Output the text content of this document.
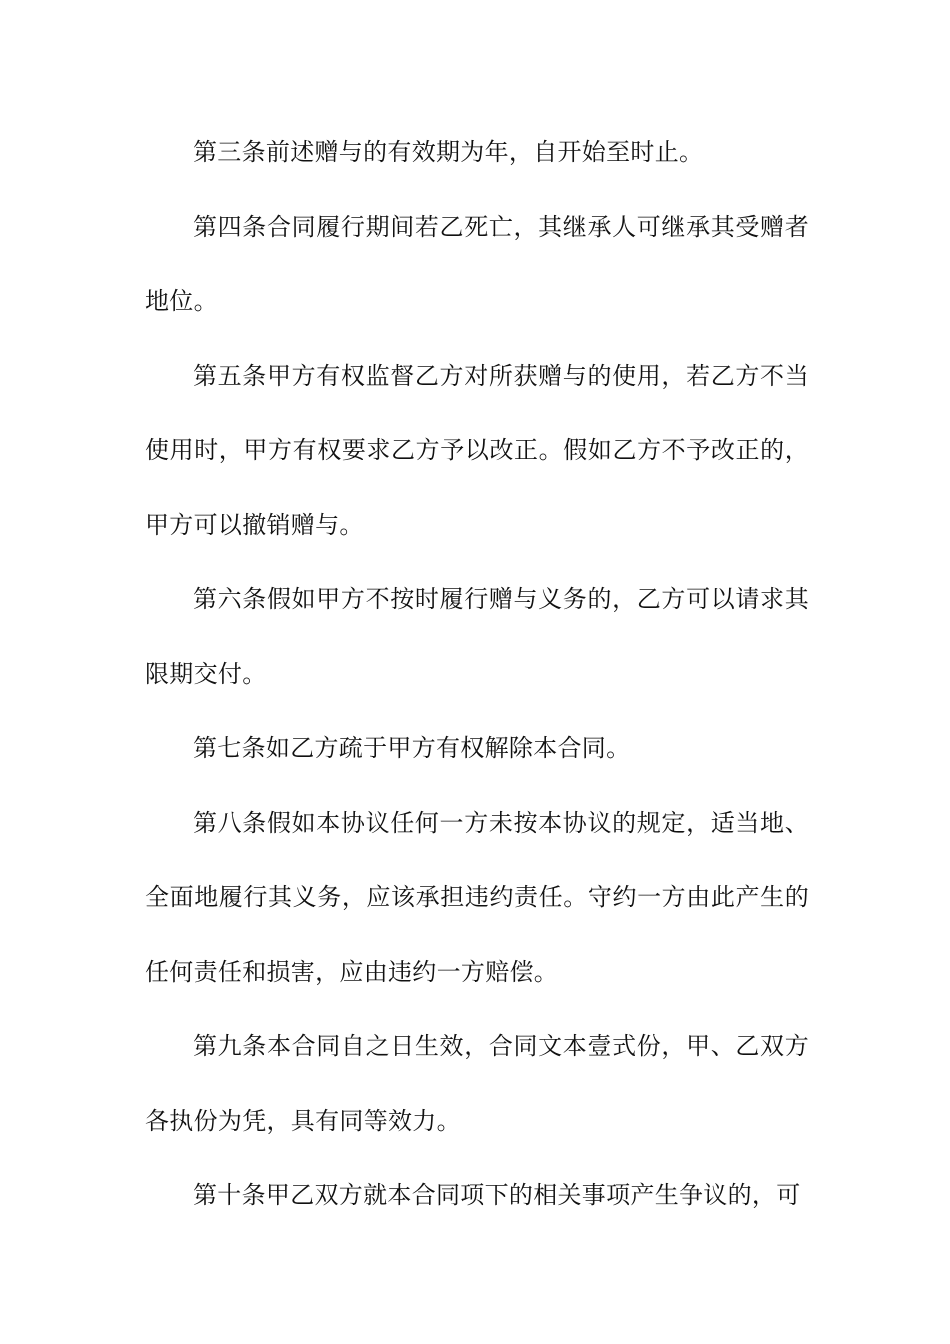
第三条前述赠与的有效期为年，自开始至时止。

第四条合同履行期间若乙死亡，其继承人可继承其受赠者地位。

第五条甲方有权监督乙方对所获赠与的使用，若乙方不当使用时，甲方有权要求乙方予以改正。假如乙方不予改正的，甲方可以撤销赠与。

第六条假如甲方不按时履行赠与义务的，乙方可以请求其限期交付。

第七条如乙方疏于甲方有权解除本合同。

第八条假如本协议任何一方未按本协议的规定，适当地、全面地履行其义务，应该承担违约责任。守约一方由此产生的任何责任和损害，应由违约一方赔偿。

第九条本合同自之日生效，合同文本壹式份，甲、乙双方各执份为凭，具有同等效力。

第十条甲乙双方就本合同项下的相关事项产生争议的，可
